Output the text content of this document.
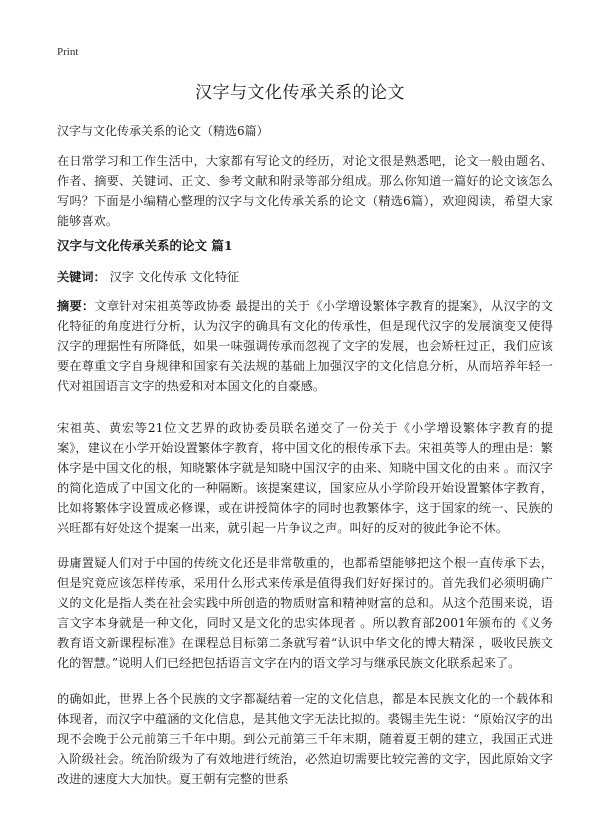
Print
汉字与文化传承关系的论文

汉字与文化传承关系的论文（精选6篇）

在日常学习和工作生活中，大家都有写论文的经历，对论文很是熟悉吧，论文一般由题名、作者、摘要、关键词、正文、参考文献和附录等部分组成。那么你知道一篇好的论文该怎么写吗？下面是小编精心整理的汉字与文化传承关系的论文（精选6篇），欢迎阅读，希望大家能够喜欢。

汉字与文化传承关系的论文 篇1

关键词： 汉字 文化传承 文化特征

摘要：文章针对宋祖英等政协委 最提出的关于《小学增设繁体字教育的提案》，从汉字的文化特征的角度进行分析，认为汉字的确具有文化的传承性，但是现代汉字的发展演变又使得汉字的理据性有所降低，如果一味强调传承而忽视了文字的发展，也会矫枉过正，我们应该要在尊重文字自身规律和国家有关法规的基础上加强汉字的文化信息分析，从而培养年轻一代对祖国语言文字的热爱和对本国文化的自豪感。

宋祖英、黄宏等21位文艺界的政协委员联名递交了一份关于《小学增设繁体字教育的提案》，建议在小学开始设置繁体字教育，将中国文化的根传承下去。宋祖英等人的理由是：繁体字是中国文化的根，知晓繁体字就是知晓中国汉字的由来、知晓中国文化的由来 。而汉字的简化造成了中国文化的一种隔断。该提案建议，国家应从小学阶段开始设置繁体字教育，比如将繁体字设置成必修课，或在讲授简体字的同时也教繁体字，这于国家的统一、民族的兴旺都有好处这个提案一出来，就引起一片争议之声。叫好的反对的彼此争论不休。

毋庸置疑人们对于中国的传统文化还是非常敬重的，也都希望能够把这个根一直传承下去，但是究竟应该怎样传承，采用什么形式来传承是值得我们好好探讨的。首先我们必须明确广义的文化是指人类在社会实践中所创造的物质财富和精神财富的总和。从这个范围来说，语言文字本身就是一种文化，同时又是文化的忠实体现者 。所以教育部2001年颁布的《义务教育语文新课程标准》在课程总目标第二条就写着“认识中华文化的博大精深 ，吸收民族文化的智慧。”说明人们已经把包括语言文字在内的语文学习与继承民族文化联系起来了。

的确如此，世界上各个民族的文字都凝结着一定的文化信息，都是本民族文化的一个载体和体现者，而汉字中蕴涵的文化信息，是其他文字无法比拟的。裘锡圭先生说：“原始汉字的出现不会晚于公元前第三千年中期。到公元前第三千年末期，随着夏王朝的建立，我国正式进入阶级社会。统治阶级为了有效地进行统治，必然迫切需要比较完善的文字，因此原始文字改进的速度大大加快。夏王朝有完整的世系
